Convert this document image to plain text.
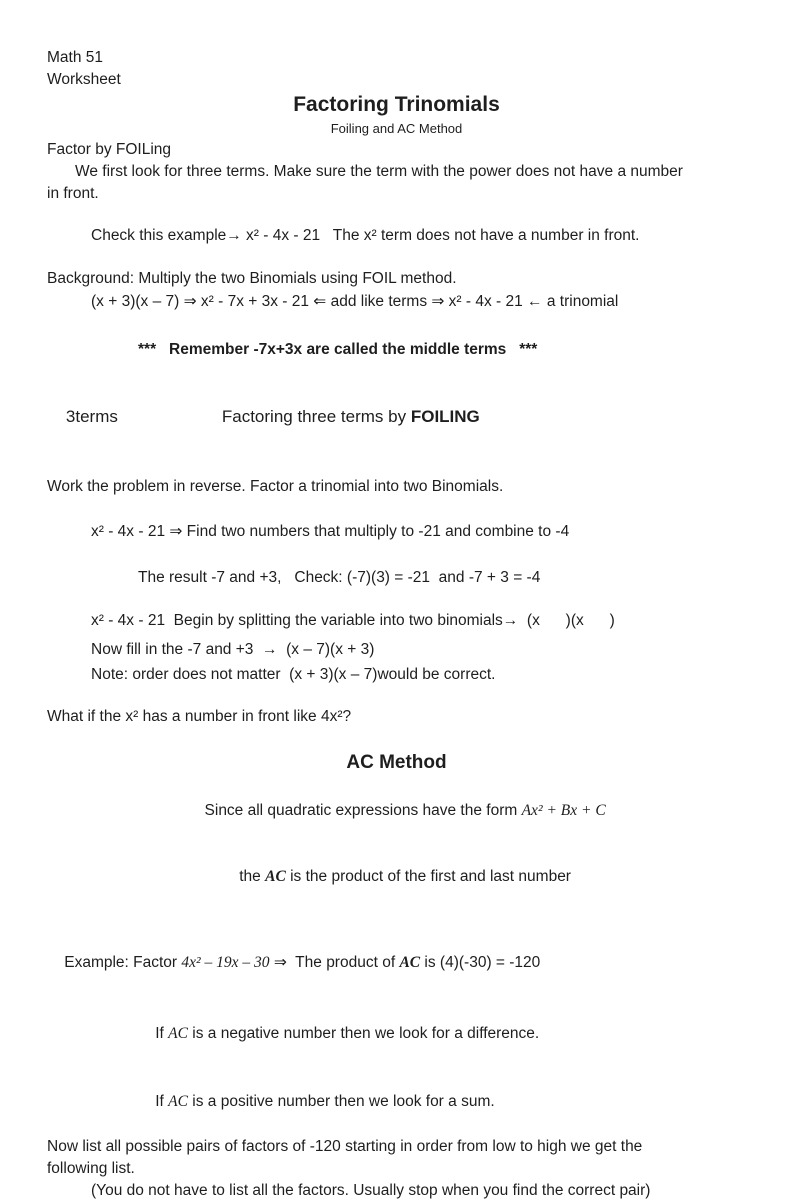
Math 51
Worksheet
Factoring Trinomials
Foiling and AC Method
Factor by FOILing
We first look for three terms. Make sure the term with the power does not have a number
in front.
Check this example→ x² - 4x - 21   The x² term does not have a number in front.
Background: Multiply the two Binomials using FOIL method.
(x + 3)(x – 7) ⇒ x² - 7x + 3x - 21 ⇐ add like terms ⇒ x² - 4x - 21 ← a trinomial
***   Remember -7x+3x are called the middle terms   ***

3terms	Factoring three terms by FOILING

Work the problem in reverse. Factor a trinomial into two Binomials.
x² - 4x - 21 ⇒ Find two numbers that multiply to -21 and combine to -4
The result -7 and +3,   Check: (-7)(3) = -21  and -7 + 3 = -4
x² - 4x - 21  Begin by splitting the variable into two binomials→  (x      )(x      )
Now fill in the -7 and +3  →  (x – 7)(x + 3)
Note: order does not matter  (x + 3)(x – 7)would be correct.
What if the x² has a number in front like 4x²?
AC Method

Since all quadratic expressions have the form Ax² + Bx + C

the AC is the product of the first and last number

Example: Factor 4x² – 19x – 30 ⇒  The product of AC is (4)(-30) = -120

If AC is a negative number then we look for a difference.

If AC is a positive number then we look for a sum.

Now list all possible pairs of factors of -120 starting in order from low to high we get the
following list.
(You do not have to list all the factors. Usually stop when you find the correct pair)
